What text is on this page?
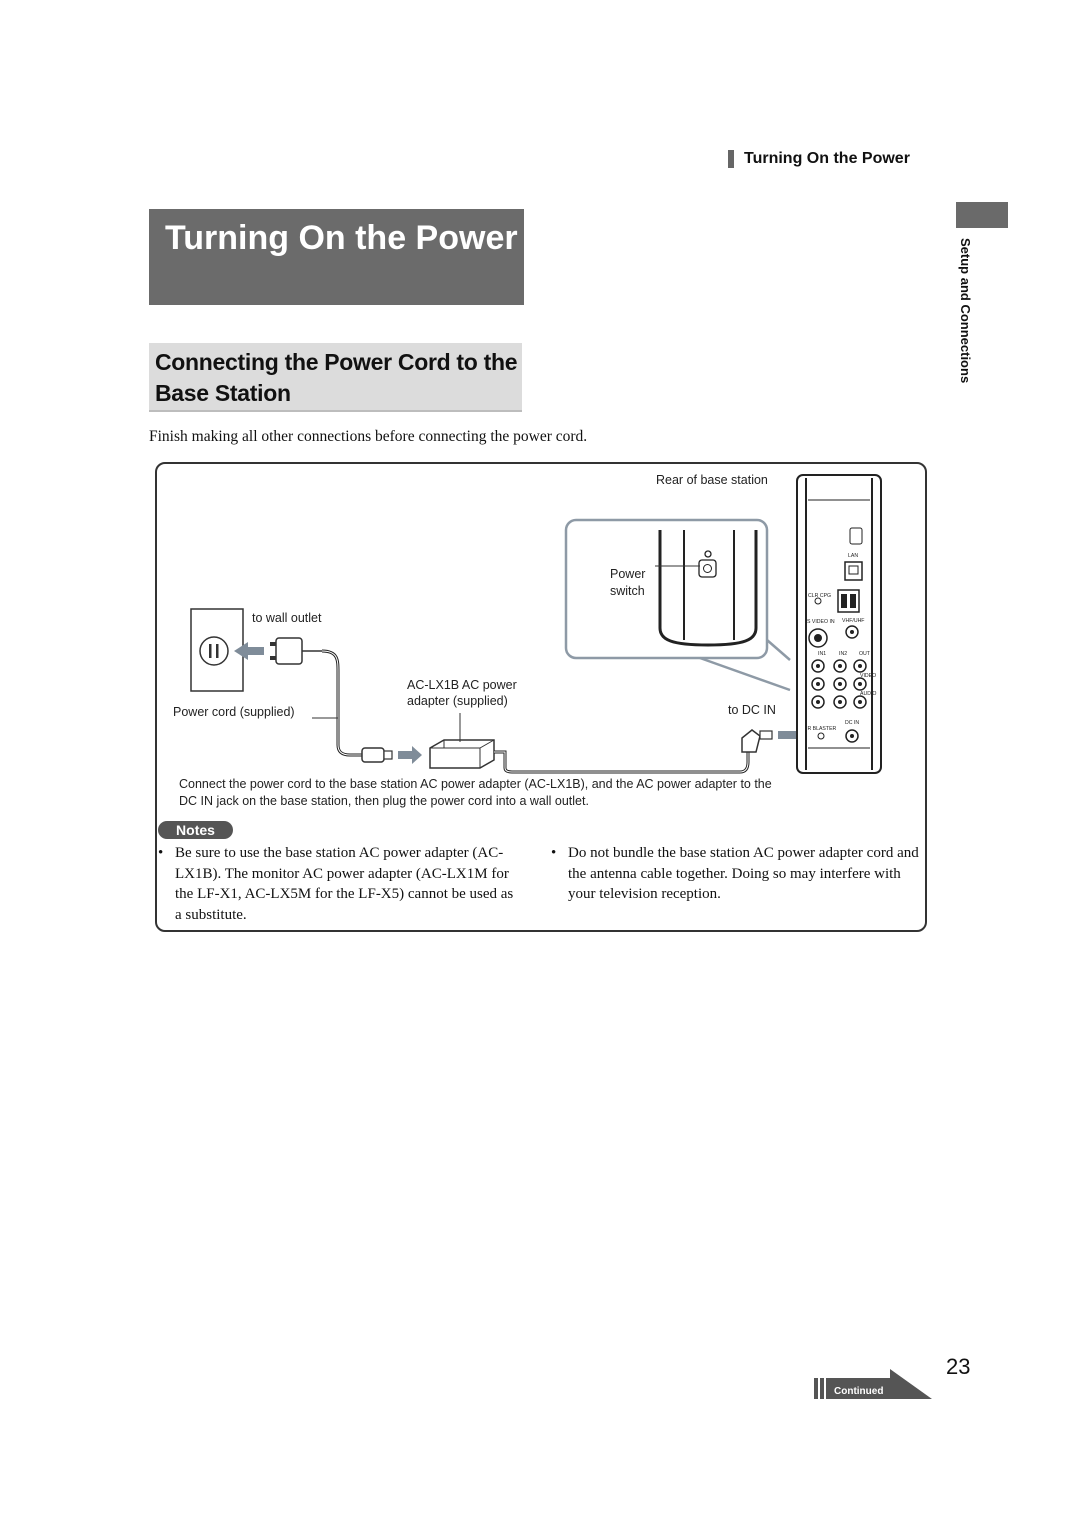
Turning On the Power
Setup and Connections
Turning On the Power
Connecting the Power Cord to the Base Station
Finish making all other connections before connecting the power cord.
LAN
CLR CPG
S VIDEO IN VHF/UHF
IN1 IN2 OUT
VIDEO
AUDIO
IR BLASTER
DC IN
Rear of base station
Power
switch
to wall outlet
AC-LX1B AC power
adapter (supplied)
Power cord (supplied)	to DC IN
Connect the power cord to the base station AC power adapter (AC-LX1B), and the AC power adapter to the DC IN jack on the base station, then plug the power cord into a wall outlet.
Notes
• Be sure to use the base station AC power adapter (AC-LX1B). The monitor AC power adapter (AC-LX1M for the LF-X1, AC-LX5M for the LF-X5) cannot be used as a substitute.
• Do not bundle the base station AC power adapter cord and the antenna cable together. Doing so may interfere with your television reception.
23
Continued
